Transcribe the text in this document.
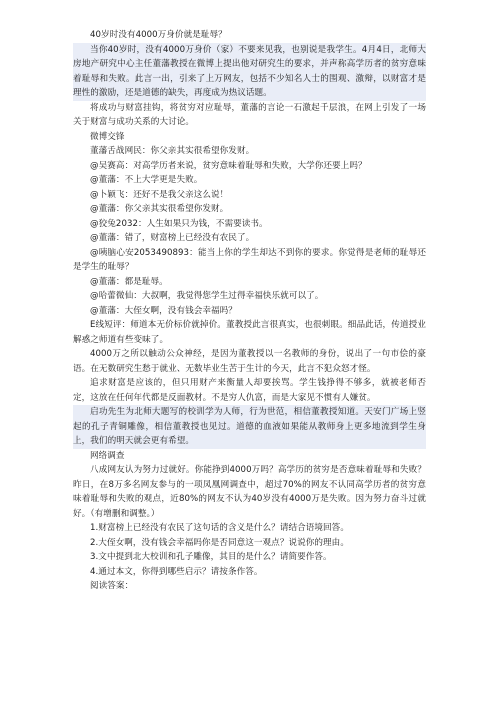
40岁时没有4000万身价就是耻辱？

当你40岁时，没有4000万身价（家）不要来见我，也别说是我学生。4月4日，北师大房地产研究中心主任董藩教授在微博上提出他对研究生的要求，并声称高学历者的贫穷意味着耻辱和失败。此言一出，引来了上万网友，包括不少知名人士的围观、激辩，以财富才是理性的激励，还是道德的缺失，再度成为热议话题。

将成功与财富挂钩，将贫穷对应耻辱，董藩的言论一石激起千层浪，在网上引发了一场关于财富与成功关系的大讨论。

微博交锋

董藩舌战网民：你父亲其实很希望你发财。

@吴赛高：对高学历者来说，贫穷意味着耻辱和失败，大学你还要上吗？

@董藩：不上大学更是失败。

@卜颖飞：还好不是我父亲这么说！

@董藩：你父亲其实很希望你发财。

@狡兔2032：人生如果只为钱，不需要读书。

@董藩：错了，财富榜上已经没有农民了。

@咦脑心安2053490893：能当上你的学生却达不到你的要求。你觉得是老师的耻辱还是学生的耻辱？

@董藩：都是耻辱。

@哈蕾微仙：大叔啊，我觉得您学生过得幸福快乐就可以了。

@董藩：大侄女啊，没有钱会幸福吗？

E线短评：师道本无价标价就掉价。董教授此言很真实，也很刺眼。细品此话，传道授业解惑之师道有些变味了。

4000万之所以触动公众神经，是因为董教授以一名教师的身份，说出了一句市侩的豪语。在无数研究生愁于就业、无数毕业生苦于生计的今天，此言不犯众怒才怪。

追求财富是应该的，但只用财产来衡量人却要挨骂。学生钱挣得不够多，就被老师否定，这放在任何年代都是反面教材。不是穷人仇富，而是大家见不惯有人嫌贫。

启功先生为北师大题写的校训学为人师，行为世范，相信董教授知道。天安门广场上竖起的孔子青铜雕像，相信董教授也见过。道德的血液如果能从教师身上更多地流到学生身上，我们的明天就会更有希望。

网络调查

八成网友认为努力过就好。你能挣到4000万吗？高学历的贫穷是否意味着耻辱和失败？昨日，在8万多名网友参与的一项凤凰网调查中，超过70%的网友不认同高学历者的贫穷意味着耻辱和失败的观点，近80%的网友不认为40岁没有4000万是失败。因为努力奋斗过就好。（有增删和调整。）

1.财富榜上已经没有农民了这句话的含义是什么？请结合语境回答。

2.大侄女啊，没有钱会幸福吗你是否同意这一观点？说说你的理由。

3.文中提到北大校训和孔子雕像，其目的是什么？请简要作答。

4.通过本文，你得到哪些启示？请按条作答。

阅读答案：
